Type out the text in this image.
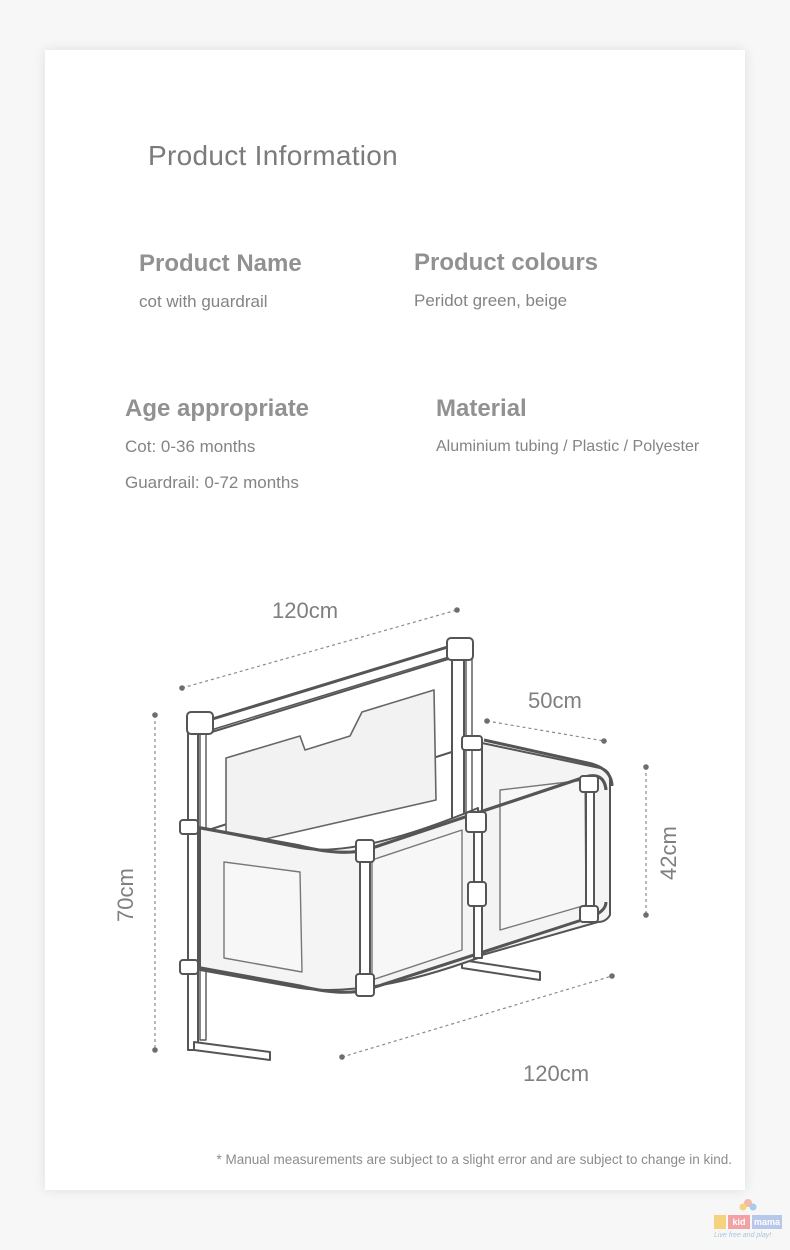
Product Information
Product Name
cot with guardrail
Product colours
Peridot green, beige
Age appropriate
Cot: 0-36 months
Guardrail: 0-72 months
Material
Aluminium tubing / Plastic / Polyester
120cm
50cm
42cm
70cm
120cm
* Manual measurements are subject to a slight error and are subject to change in kind.
kid mama
Live free and play!
